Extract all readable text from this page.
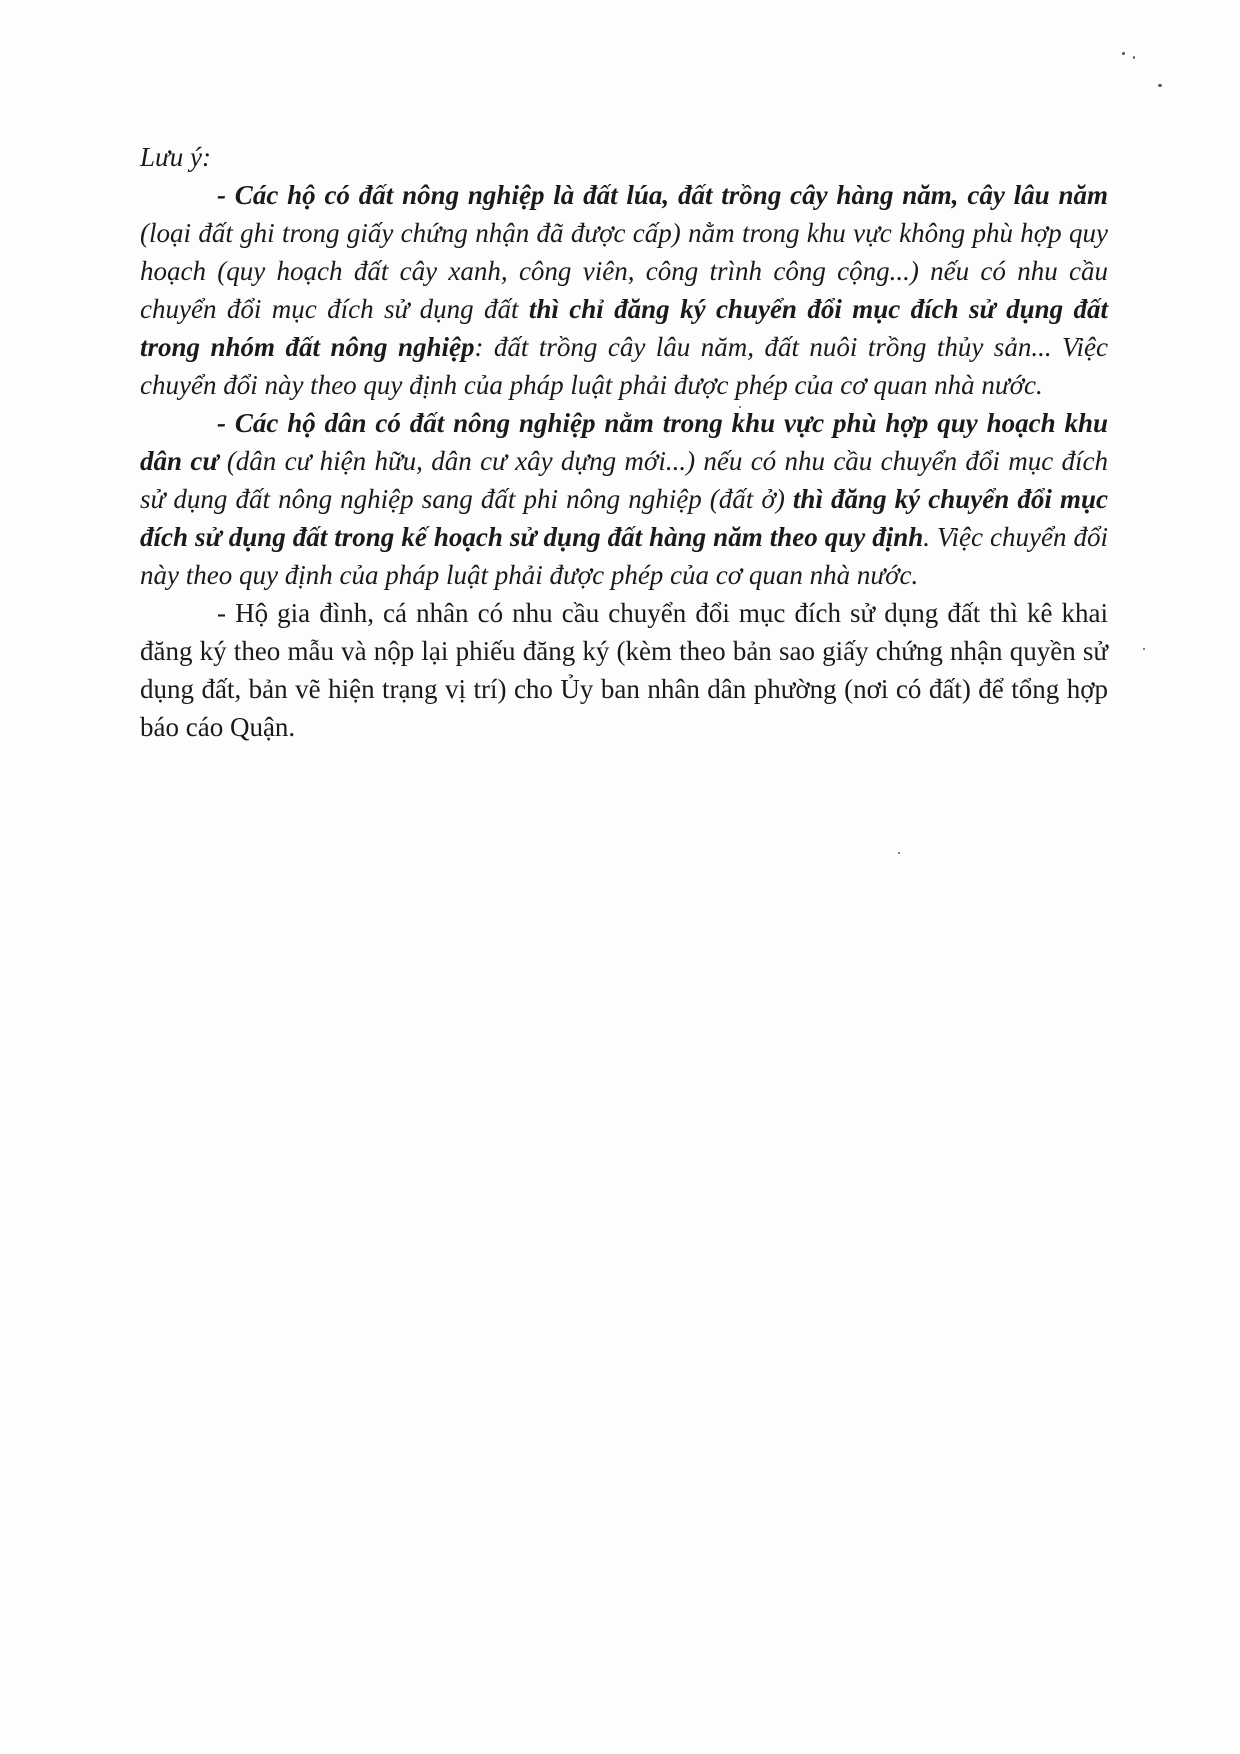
Lưu ý:

- Các hộ có đất nông nghiệp là đất lúa, đất trồng cây hàng năm, cây lâu năm (loại đất ghi trong giấy chứng nhận đã được cấp) nằm trong khu vực không phù hợp quy hoạch (quy hoạch đất cây xanh, công viên, công trình công cộng...) nếu có nhu cầu chuyển đổi mục đích sử dụng đất thì chỉ đăng ký chuyển đổi mục đích sử dụng đất trong nhóm đất nông nghiệp: đất trồng cây lâu năm, đất nuôi trồng thủy sản... Việc chuyển đổi này theo quy định của pháp luật phải được phép của cơ quan nhà nước.

- Các hộ dân có đất nông nghiệp nằm trong khu vực phù hợp quy hoạch khu dân cư (dân cư hiện hữu, dân cư xây dựng mới...) nếu có nhu cầu chuyển đổi mục đích sử dụng đất nông nghiệp sang đất phi nông nghiệp (đất ở) thì đăng ký chuyển đổi mục đích sử dụng đất trong kế hoạch sử dụng đất hàng năm theo quy định. Việc chuyển đổi này theo quy định của pháp luật phải được phép của cơ quan nhà nước.

- Hộ gia đình, cá nhân có nhu cầu chuyển đổi mục đích sử dụng đất thì kê khai đăng ký theo mẫu và nộp lại phiếu đăng ký (kèm theo bản sao giấy chứng nhận quyền sử dụng đất, bản vẽ hiện trạng vị trí) cho Ủy ban nhân dân phường (nơi có đất) để tổng hợp báo cáo Quận.
